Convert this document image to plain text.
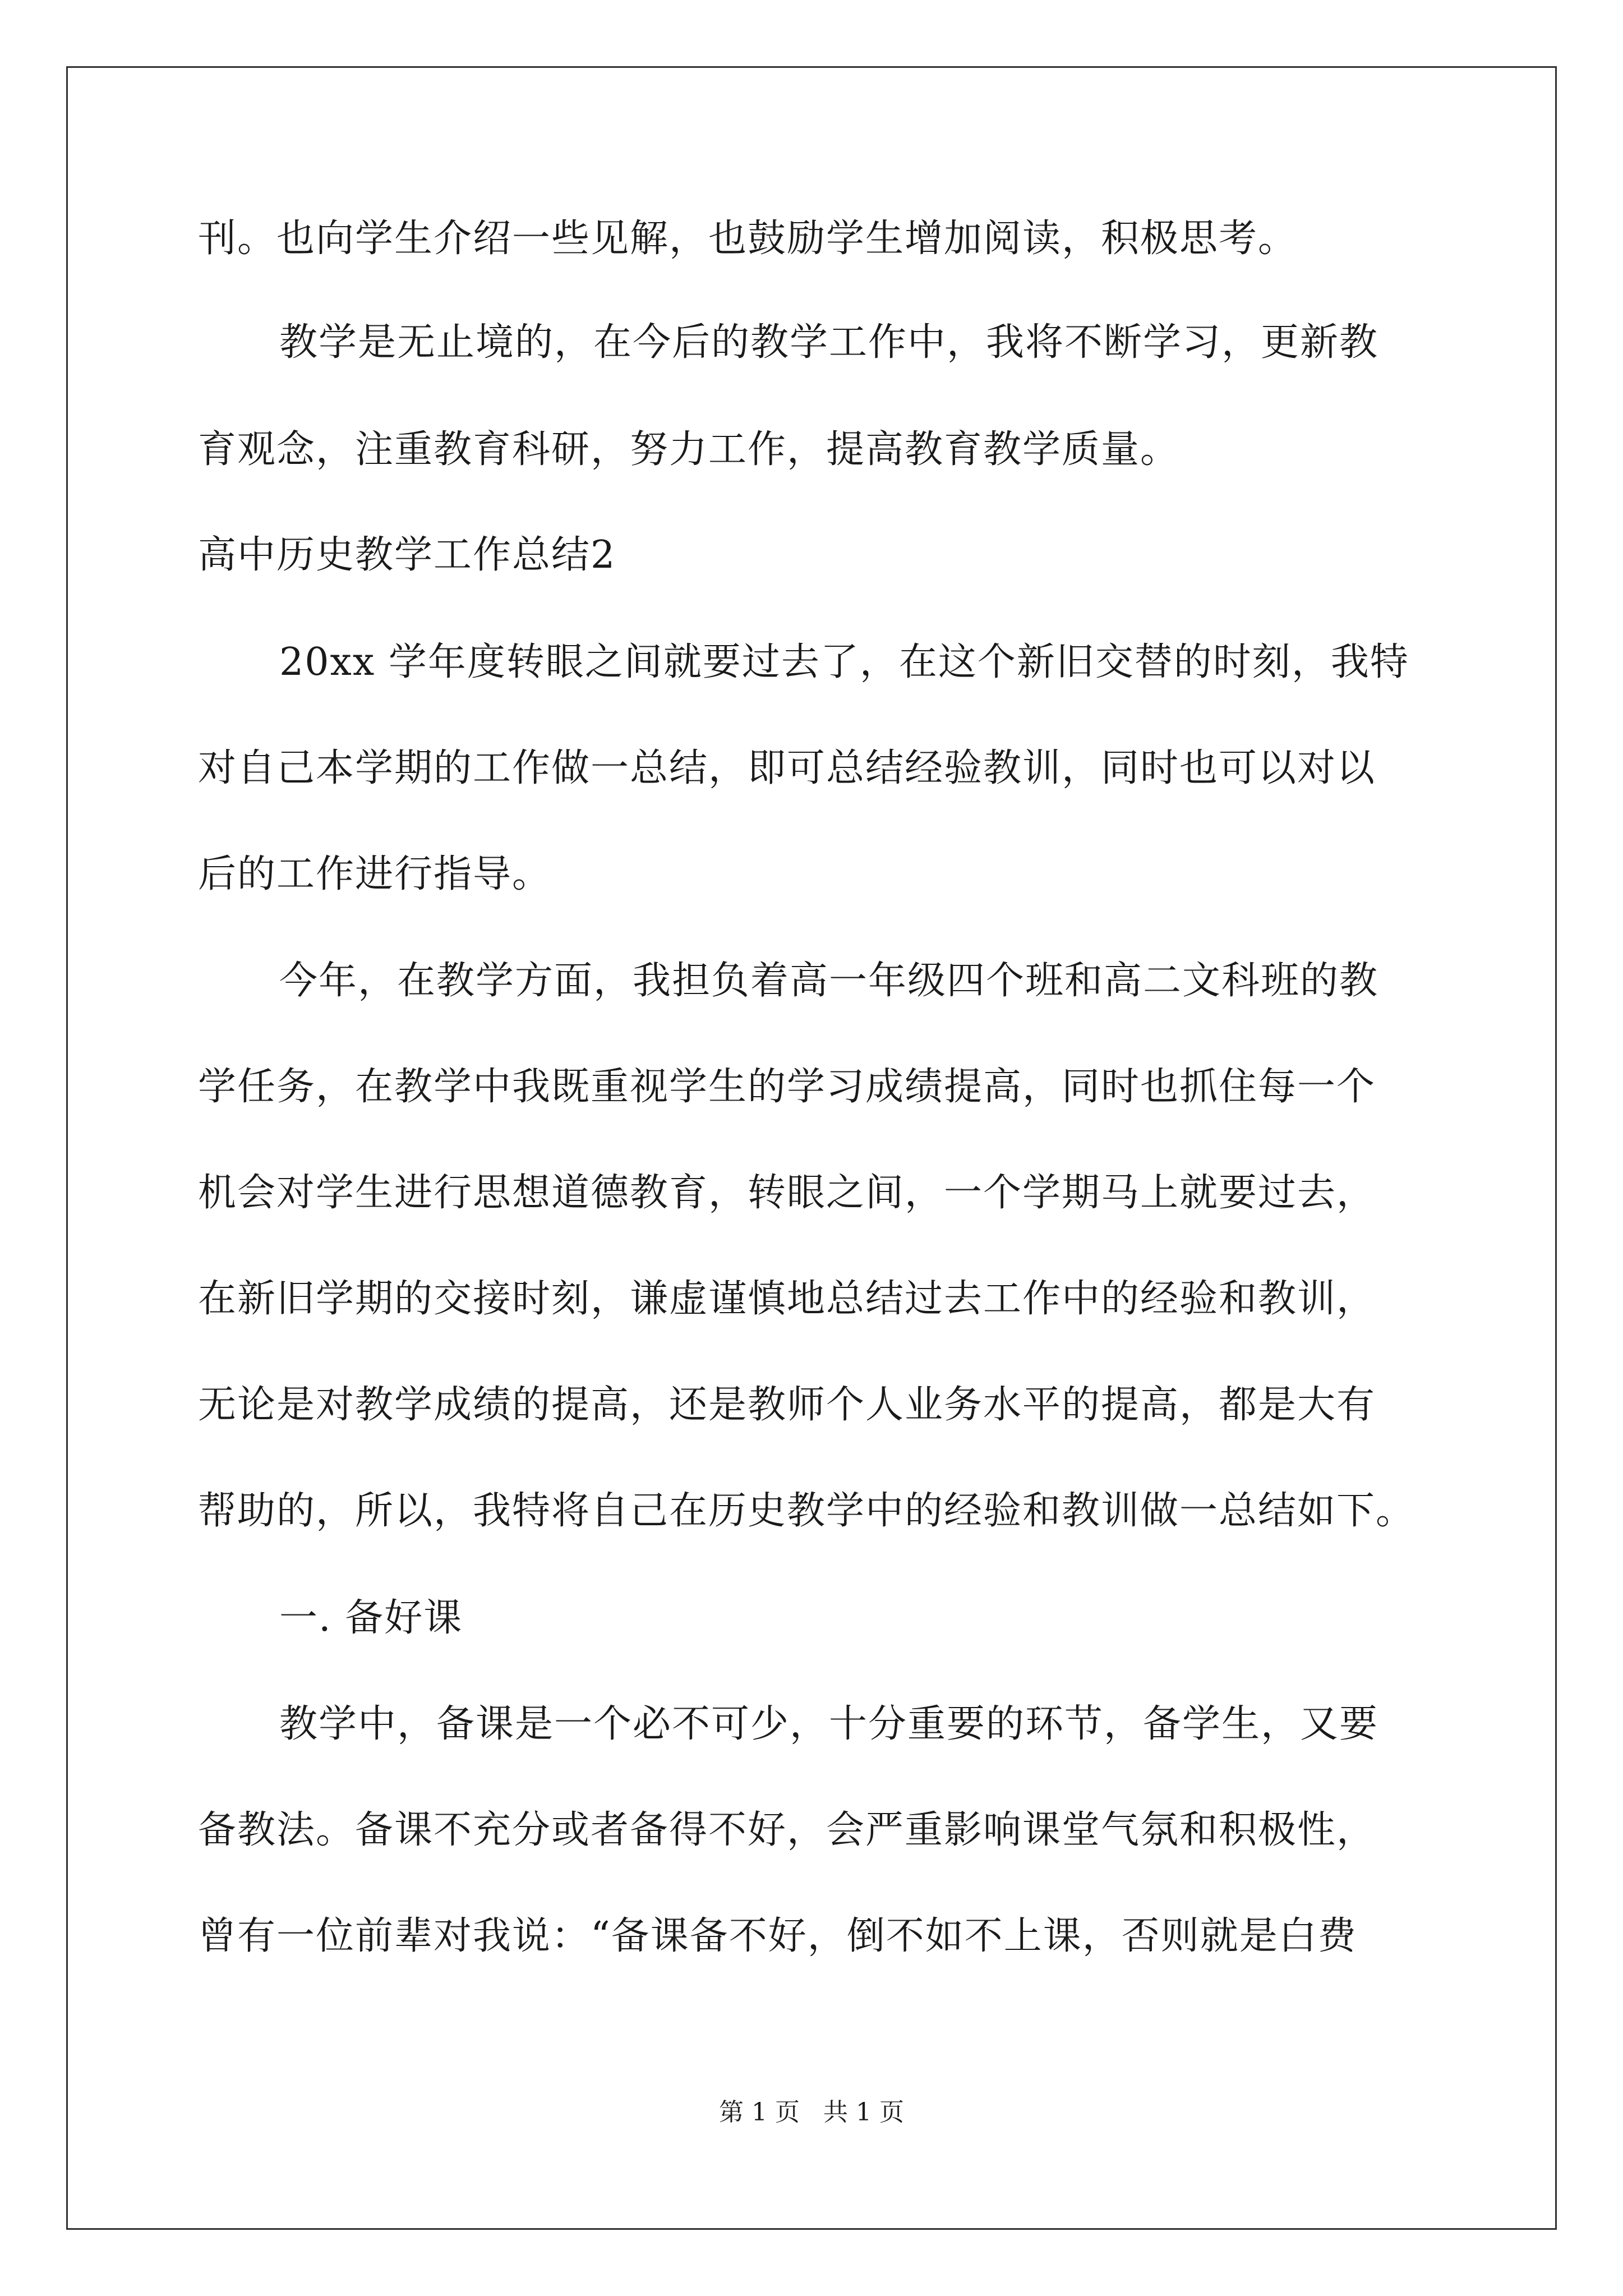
刊。也向学生介绍一些见解，也鼓励学生增加阅读，积极思考。
教学是无止境的，在今后的教学工作中，我将不断学习，更新教
育观念，注重教育科研，努力工作，提高教育教学质量。
高中历史教学工作总结2
20xx 学年度转眼之间就要过去了，在这个新旧交替的时刻，我特
对自己本学期的工作做一总结，即可总结经验教训，同时也可以对以
后的工作进行指导。
今年，在教学方面，我担负着高一年级四个班和高二文科班的教
学任务，在教学中我既重视学生的学习成绩提高，同时也抓住每一个
机会对学生进行思想道德教育，转眼之间，一个学期马上就要过去，
在新旧学期的交接时刻，谦虚谨慎地总结过去工作中的经验和教训，
无论是对教学成绩的提高，还是教师个人业务水平的提高，都是大有
帮助的，所以，我特将自己在历史教学中的经验和教训做一总结如下。
一. 备好课
教学中，备课是一个必不可少，十分重要的环节，备学生，又要
备教法。备课不充分或者备得不好，会严重影响课堂气氛和积极性，
曾有一位前辈对我说：“备课备不好，倒不如不上课，否则就是白费
第 1 页   共 1 页
